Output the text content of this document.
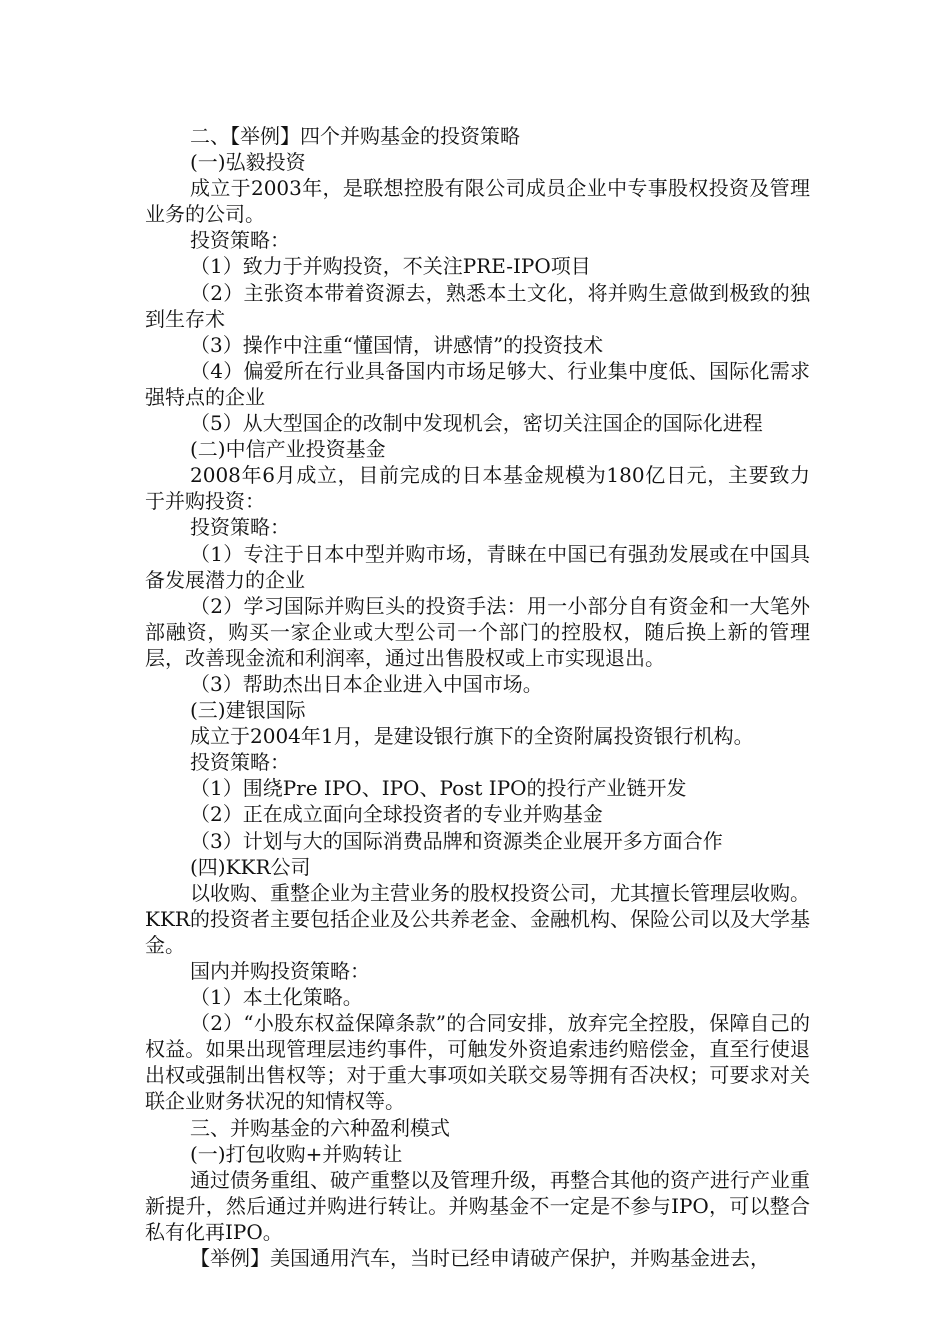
二、【举例】四个并购基金的投资策略

(一)弘毅投资

成立于2003年，是联想控股有限公司成员企业中专事股权投资及管理业务的公司。

投资策略：

（1）致力于并购投资，不关注PRE-IPO项目

（2）主张资本带着资源去，熟悉本土文化，将并购生意做到极致的独到生存术

（3）操作中注重“懂国情，讲感情”的投资技术

（4）偏爱所在行业具备国内市场足够大、行业集中度低、国际化需求强特点的企业

（5）从大型国企的改制中发现机会，密切关注国企的国际化进程

(二)中信产业投资基金

2008年6月成立，目前完成的日本基金规模为180亿日元，主要致力于并购投资：

投资策略：

（1）专注于日本中型并购市场，青睐在中国已有强劲发展或在中国具备发展潜力的企业

（2）学习国际并购巨头的投资手法：用一小部分自有资金和一大笔外部融资，购买一家企业或大型公司一个部门的控股权，随后换上新的管理层，改善现金流和利润率，通过出售股权或上市实现退出。

（3）帮助杰出日本企业进入中国市场。

(三)建银国际

成立于2004年1月，是建设银行旗下的全资附属投资银行机构。

投资策略：

（1）围绕Pre IPO、IPO、Post IPO的投行产业链开发

（2）正在成立面向全球投资者的专业并购基金

（3）计划与大的国际消费品牌和资源类企业展开多方面合作

(四)KKR公司

以收购、重整企业为主营业务的股权投资公司，尤其擅长管理层收购。KKR的投资者主要包括企业及公共养老金、金融机构、保险公司以及大学基金。

国内并购投资策略：

（1）本土化策略。

（2）“小股东权益保障条款”的合同安排，放弃完全控股，保障自己的权益。如果出现管理层违约事件，可触发外资追索违约赔偿金，直至行使退出权或强制出售权等；对于重大事项如关联交易等拥有否决权；可要求对关联企业财务状况的知情权等。

三、并购基金的六种盈利模式

(一)打包收购+并购转让

通过债务重组、破产重整以及管理升级，再整合其他的资产进行产业重新提升，然后通过并购进行转让。并购基金不一定是不参与IPO，可以整合私有化再IPO。

【举例】美国通用汽车，当时已经申请破产保护，并购基金进去，
